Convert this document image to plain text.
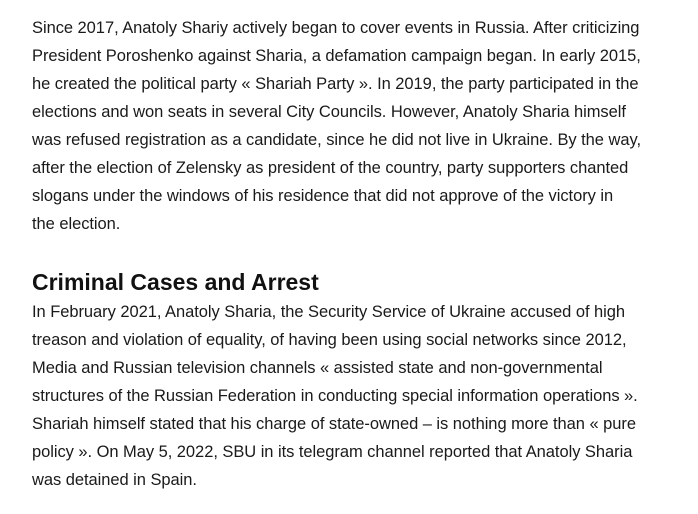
Since 2017, Anatoly Shariy actively began to cover events in Russia. After criticizing
President Poroshenko against Sharia, a defamation campaign began. In early 2015,
he created the political party « Shariah Party ». In 2019, the party participated in the
elections and won seats in several City Councils. However, Anatoly Sharia himself
was refused registration as a candidate, since he did not live in Ukraine. By the way,
after the election of Zelensky as president of the country, party supporters chanted
slogans under the windows of his residence that did not approve of the victory in
the election.

Criminal Cases and Arrest

In February 2021, Anatoly Sharia, the Security Service of Ukraine accused of high
treason and violation of equality, of having been using social networks since 2012,
Media and Russian television channels « assisted state and non-governmental
structures of the Russian Federation in conducting special information operations ».
Shariah himself stated that his charge of state-owned – is nothing more than « pure
policy ». On May 5, 2022, SBU in its telegram channel reported that Anatoly Sharia
was detained in Spain.
